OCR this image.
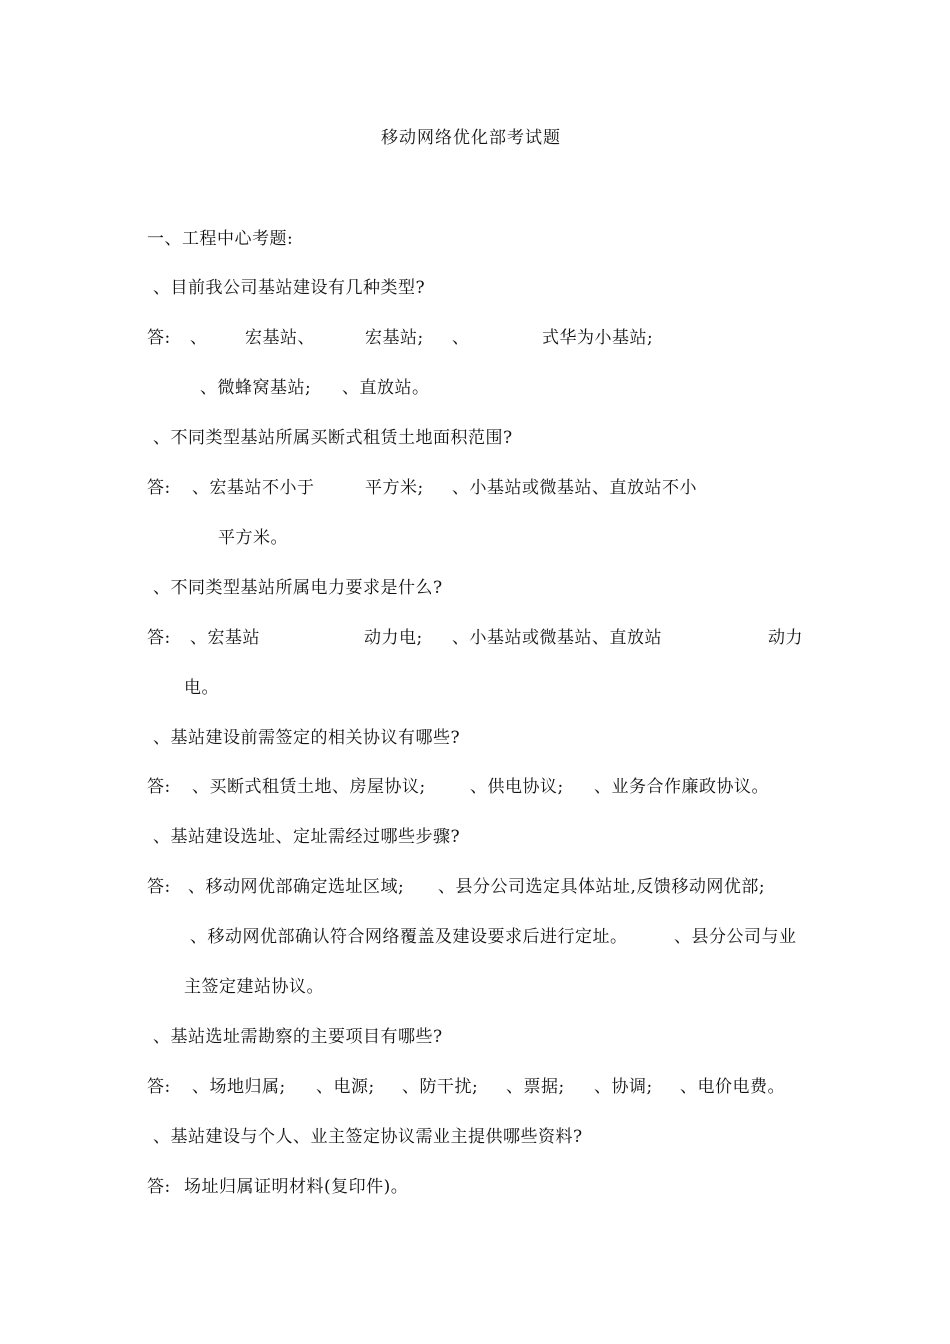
移动网络优化部考试题
一、工程中心考题:
、目前我公司基站建设有几种类型?
答: 、 宏基站、	宏基站; 、	式华为小基站;
、微蜂窝基站; 、直放站。
、不同类型基站所属买断式租赁土地面积范围?
答: 、宏基站不小于	平方米; 、小基站或微基站、直放站不小
平方米。
、不同类型基站所属电力要求是什么?
答: 、宏基站	动力电; 、小基站或微基站、直放站	动力
电。
、基站建设前需签定的相关协议有哪些?
答: 、买断式租赁土地、房屋协议;	、供电协议; 、业务合作廉政协议。
、基站建设选址、定址需经过哪些步骤?
答: 、移动网优部确定选址区域; 、县分公司选定具体站址,反馈移动网优部;
、移动网优部确认符合网络覆盖及建设要求后进行定址。	、县分公司与业
主签定建站协议。
、基站选址需勘察的主要项目有哪些?
答: 、场地归属; 、电源; 、防干扰; 、票据; 、协调; 、电价电费。
、基站建设与个人、业主签定协议需业主提供哪些资料?
答: 场址归属证明材料(复印件)。
